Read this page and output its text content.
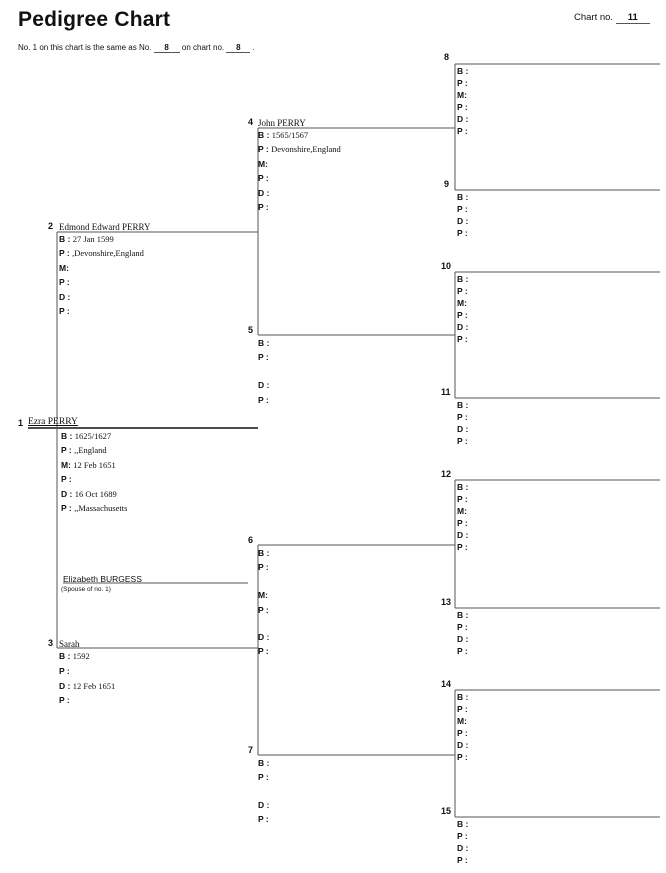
Pedigree Chart	Chart no. 11
No. 1 on this chart is the same as No. 8 on chart no. 8 .
1 Ezra PERRY
B : 1625/1627
P : ,,England
M: 12 Feb 1651
P :
D : 16 Oct 1689
P : ,,Massachusetts
Elizabeth BURGESS
(Spouse of no. 1)
2 Edmond Edward PERRY
B : 27 Jan 1599
P : ,Devonshire,England
M:
P :
D :
P :
3 Sarah
B : 1592
P :
D : 12 Feb 1651
P :
4 John PERRY
B : 1565/1567
P : Devonshire,England
M:
P :
D :
P :
5
B :
P :
D :
P :
6
B :
P :
M:
P :
D :
P :
7
B :
P :
D :
P :
8
B :
P :
M:
P :
D :
P :
9
B :
P :
D :
P :
10
B :
P :
M:
P :
D :
P :
11
B :
P :
D :
P :
12
B :
P :
M:
P :
D :
P :
13
B :
P :
D :
P :
14
B :
P :
M:
P :
D :
P :
15
B :
P :
D :
P :
